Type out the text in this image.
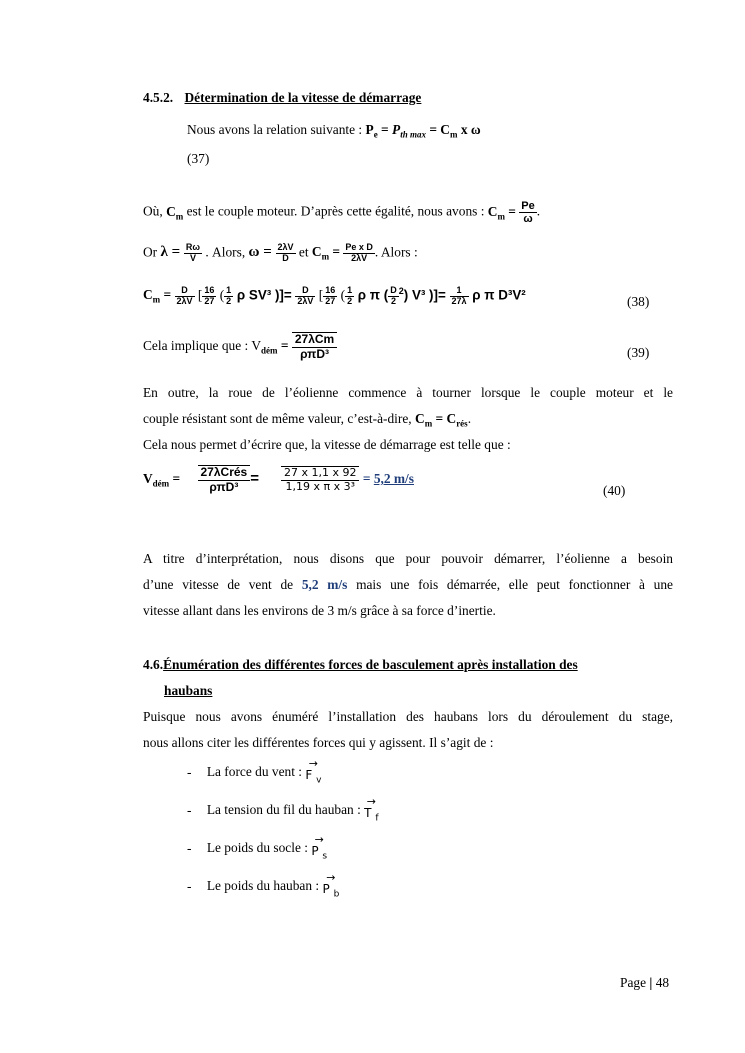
4.5.2. Détermination de la vitesse de démarrage
Nous avons la relation suivante : $P_e = P_{th max} = C_m$ x ω
(37)
Où, $C_m$ est le couple moteur. D’après cette égalité, nous avons : $C_m = \frac{Pe}{\omega}$ .
Or $\lambda = \frac{R\omega}{V}$ . Alors, $\omega = \frac{2\lambda V}{D}$ et $C_m = \frac{\text{Pe x D}}{2\lambda V}$ . Alors :
$C_m = \frac{D}{2\lambda V}$ [ $\frac{16}{27}$ ( $\frac{1}{2}$ ρ SV³ )]= $\frac{D}{2\lambda V}$ [ $\frac{16}{27}$ ( $\frac{1}{2}$ ρ π ( $\frac{D}{2} ^2$) V³ )]= $\frac{1}{27\lambda}$ ρ π D³V²	(38)
Cela implique que : $V_{dém} = 27\lambda Cm$
ρπD³	(39)
En outre, la roue de l’éolienne commence à tourner lorsque le couple moteur et le
couple résistant sont de même valeur, c’est-à-dire, $C_m = C_{rés}$.
Cela nous permet d’écrire que, la vitesse de démarrage est telle que :
$V_{dém}$ = 27λCrés
$\rho\pi D^3 = \frac{27 x 1,1 x 92}{\text{1,19 x π x 3³}} = 5,2$ m/s
(40)
A titre d’interprétation, nous disons que pour pouvoir démarrer, l’éolienne a besoin
d’une vitesse de vent de 5,2 m/s mais une fois démarrée, elle peut fonctionner à une
vitesse allant dans les environs de 3 m/s grâce à sa force d’inertie.
4.6.Énumération des différentes forces de basculement après installation des
haubans
Puisque nous avons énuméré l’installation des haubans lors du déroulement du stage,
nous allons citer les différentes forces qui y agissent. Il s’agit de :
- La force du vent :
→
F $_v$
- La tension du fil du hauban :
→
T $_f$
- Le poids du socle :
→
P $_s$
- Le poids du hauban :
→
P $_b$
Page | 48
